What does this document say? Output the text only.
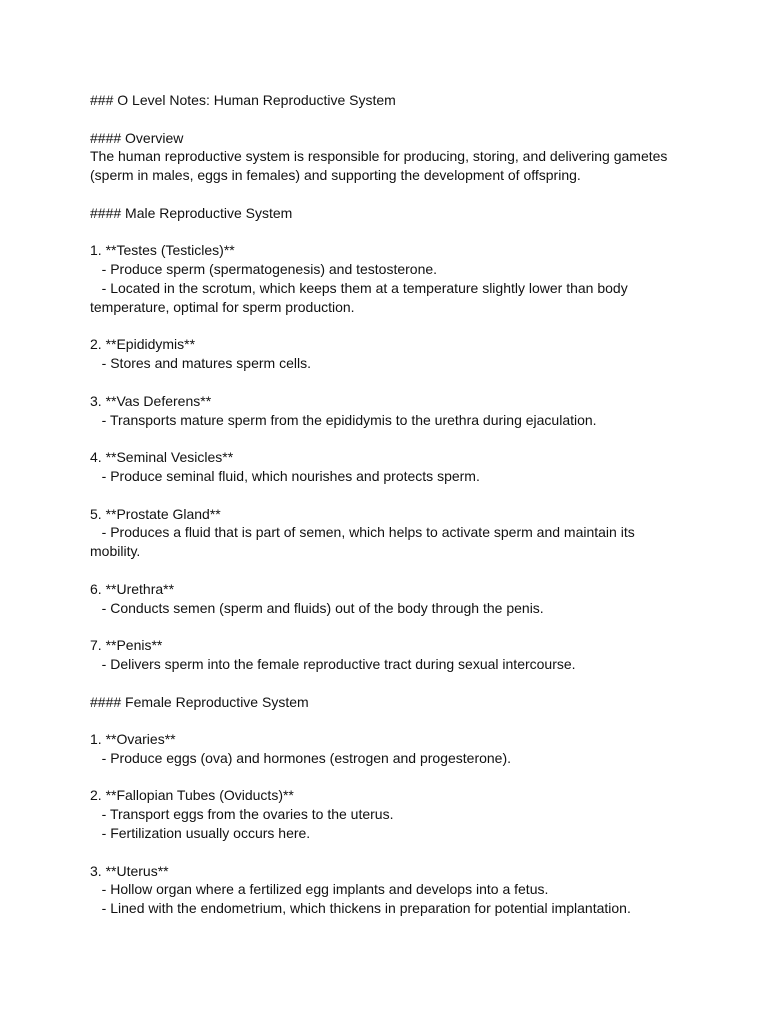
### O Level Notes: Human Reproductive System
#### Overview
The human reproductive system is responsible for producing, storing, and delivering gametes
(sperm in males, eggs in females) and supporting the development of offspring.
#### Male Reproductive System
1. **Testes (Testicles)**
- Produce sperm (spermatogenesis) and testosterone.
- Located in the scrotum, which keeps them at a temperature slightly lower than body
temperature, optimal for sperm production.
2. **Epididymis**
- Stores and matures sperm cells.
3. **Vas Deferens**
- Transports mature sperm from the epididymis to the urethra during ejaculation.
4. **Seminal Vesicles**
- Produce seminal fluid, which nourishes and protects sperm.
5. **Prostate Gland**
- Produces a fluid that is part of semen, which helps to activate sperm and maintain its
mobility.
6. **Urethra**
- Conducts semen (sperm and fluids) out of the body through the penis.
7. **Penis**
- Delivers sperm into the female reproductive tract during sexual intercourse.
#### Female Reproductive System
1. **Ovaries**
- Produce eggs (ova) and hormones (estrogen and progesterone).
2. **Fallopian Tubes (Oviducts)**
- Transport eggs from the ovaries to the uterus.
- Fertilization usually occurs here.
3. **Uterus**
- Hollow organ where a fertilized egg implants and develops into a fetus.
- Lined with the endometrium, which thickens in preparation for potential implantation.
